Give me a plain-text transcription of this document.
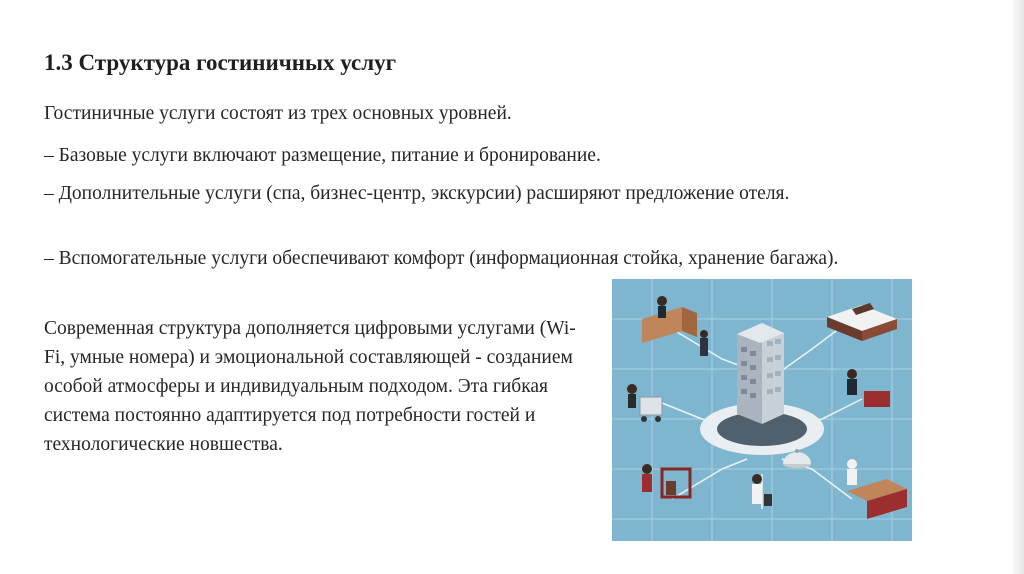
1.3 Структура гостиничных услуг

Гостиничные услуги состоят из трех основных уровней.

– Базовые услуги включают размещение, питание и бронирование.

– Дополнительные услуги (спа, бизнес-центр, экскурсии) расширяют предложение отеля.

– Вспомогательные услуги обеспечивают комфорт (информационная стойка, хранение багажа).

Современная структура дополняется цифровыми услугами (Wi-Fi, умные номера) и эмоциональной составляющей - созданием особой атмосферы и индивидуальным подходом. Эта гибкая система постоянно адаптируется под потребности гостей и технологические новшества.
